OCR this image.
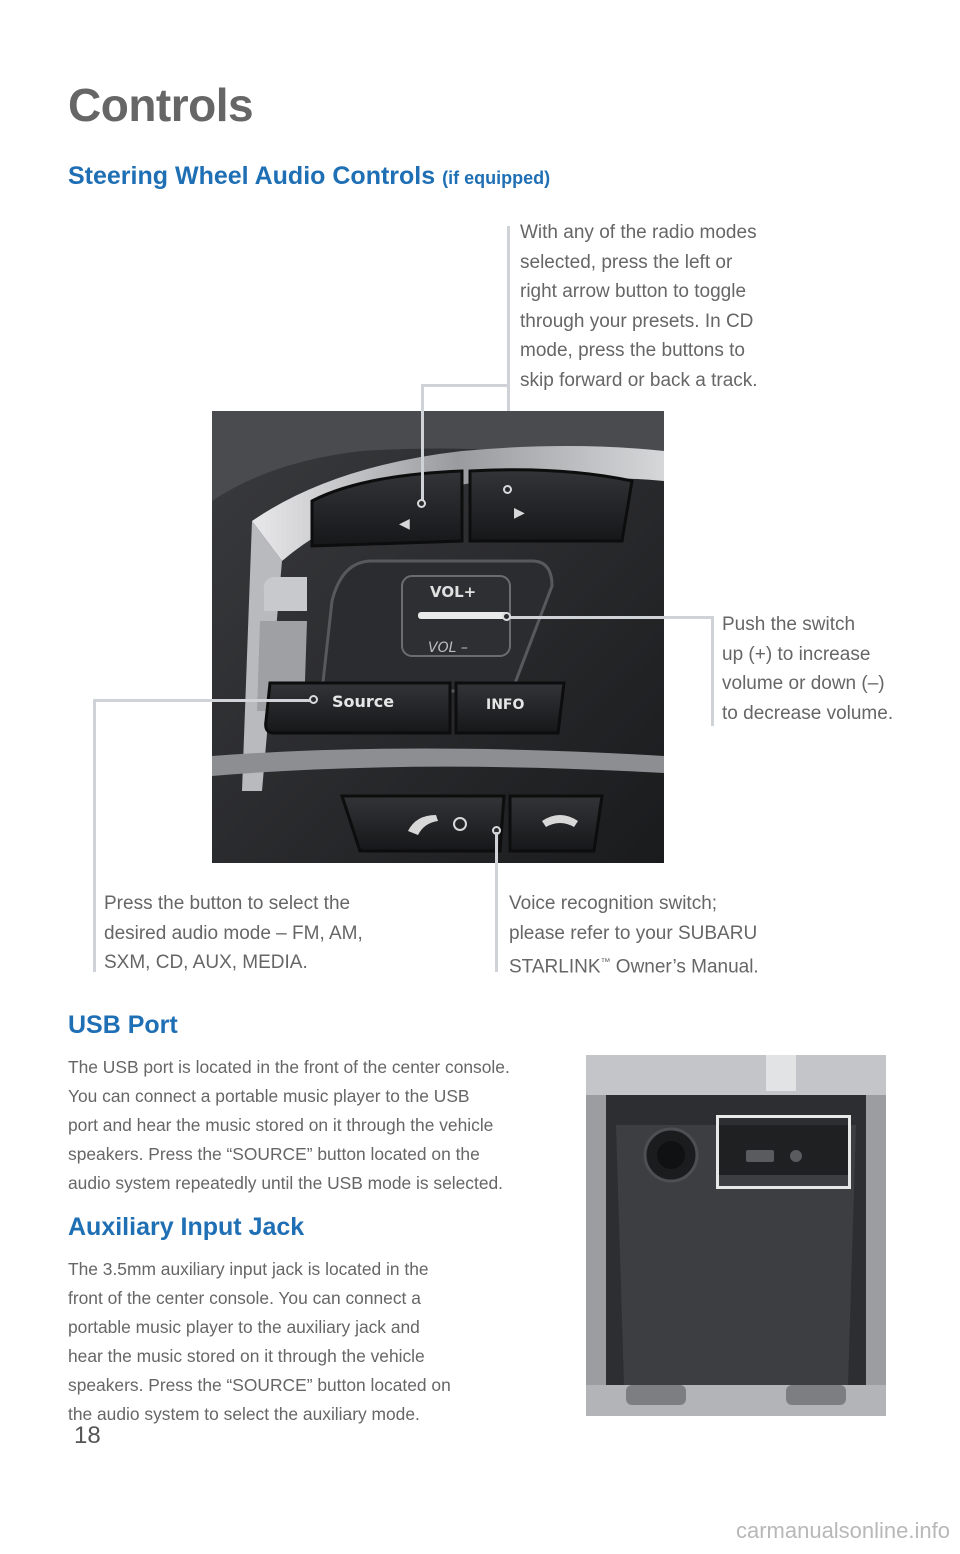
Controls
Steering Wheel Audio Controls (if equipped)

With any of the radio modes

selected, press the left or

right arrow button to toggle

through your presets. In CD

mode, press the buttons to

skip forward or back a track.

◀
▶
VOL+
VOL –
Source	INFO

Push the switch

up (+) to increase

volume or down (–)

to decrease volume.

Press the button to select the

desired audio mode – FM, AM,

SXM, CD, AUX, MEDIA.

Voice recognition switch;

please refer to your SUBARU

STARLINK™ Owner’s Manual.

USB Port

The USB port is located in the front of the center console.

You can connect a portable music player to the USB

port and hear the music stored on it through the vehicle

speakers. Press the “SOURCE” button located on the

audio system repeatedly until the USB mode is selected.

Auxiliary Input Jack

The 3.5mm auxiliary input jack is located in the

front of the center console. You can connect a

portable music player to the auxiliary jack and

hear the music stored on it through the vehicle

speakers. Press the “SOURCE” button located on

the audio system to select the auxiliary mode.

18
carmanualsonline.info
